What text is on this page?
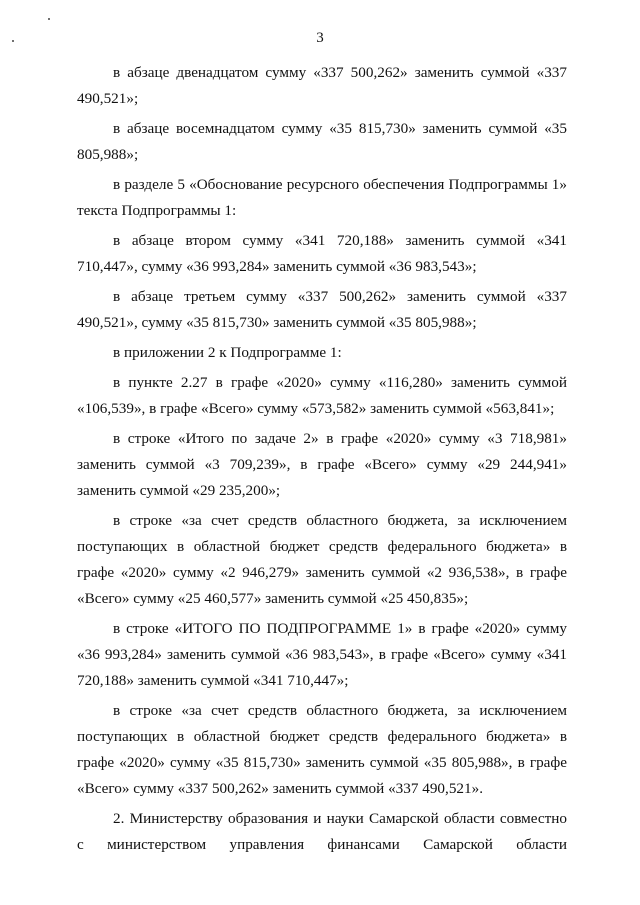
3

в абзаце двенадцатом сумму «337 500,262» заменить суммой «337 490,521»;

в абзаце восемнадцатом сумму «35 815,730» заменить суммой «35 805,988»;

в разделе 5 «Обоснование ресурсного обеспечения Подпрограммы 1» текста Подпрограммы 1:

в абзаце втором сумму «341 720,188» заменить суммой «341 710,447», сумму «36 993,284» заменить суммой «36 983,543»;

в абзаце третьем сумму «337 500,262» заменить суммой «337 490,521», сумму «35 815,730» заменить суммой «35 805,988»;

в приложении 2 к Подпрограмме 1:

в пункте 2.27 в графе «2020» сумму «116,280» заменить суммой «106,539», в графе «Всего» сумму «573,582» заменить суммой «563,841»;

в строке «Итого по задаче 2» в графе «2020» сумму «3 718,981» заменить суммой «3 709,239», в графе «Всего» сумму «29 244,941» заменить суммой «29 235,200»;

в строке «за счет средств областного бюджета, за исключением поступающих в областной бюджет средств федерального бюджета» в графе «2020» сумму «2 946,279» заменить суммой «2 936,538», в графе «Всего» сумму «25 460,577» заменить суммой «25 450,835»;

в строке «ИТОГО ПО ПОДПРОГРАММЕ 1» в графе «2020» сумму «36 993,284» заменить суммой «36 983,543», в графе «Всего» сумму «341 720,188» заменить суммой «341 710,447»;

в строке «за счет средств областного бюджета, за исключением поступающих в областной бюджет средств федерального бюджета» в графе «2020» сумму «35 815,730» заменить суммой «35 805,988», в графе «Всего» сумму «337 500,262» заменить суммой «337 490,521».

2. Министерству образования и науки Самарской области совместно с министерством управления финансами Самарской области
